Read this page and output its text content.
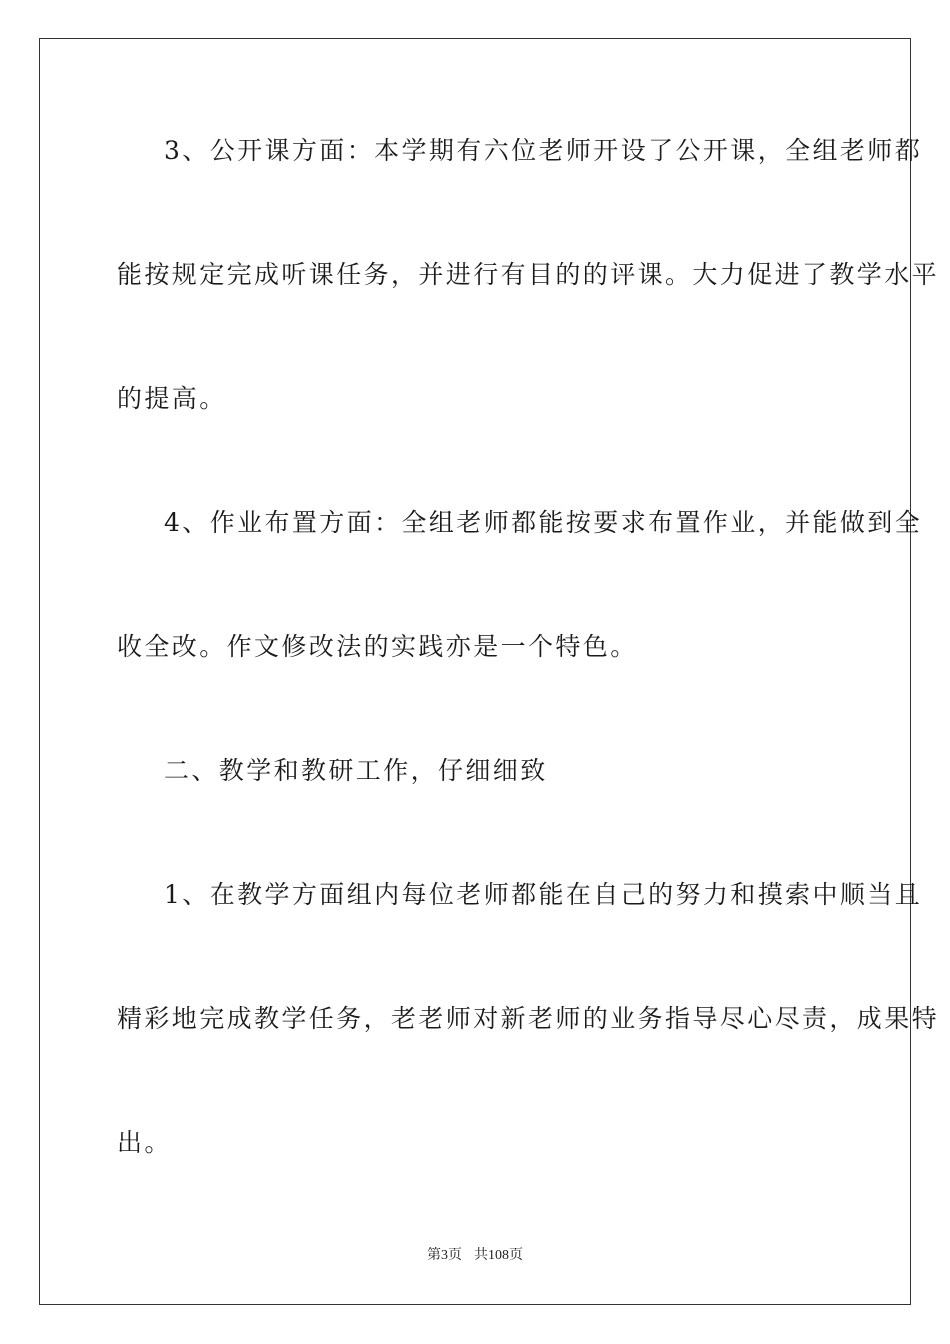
3、公开课方面：本学期有六位老师开设了公开课，全组老师都
能按规定完成听课任务，并进行有目的的评课。大力促进了教学水平
的提高。
4、作业布置方面：全组老师都能按要求布置作业，并能做到全
收全改。作文修改法的实践亦是一个特色。
二、教学和教研工作，仔细细致
1、在教学方面组内每位老师都能在自己的努力和摸索中顺当且
精彩地完成教学任务，老老师对新老师的业务指导尽心尽责，成果特
出。
第3页 共108页
